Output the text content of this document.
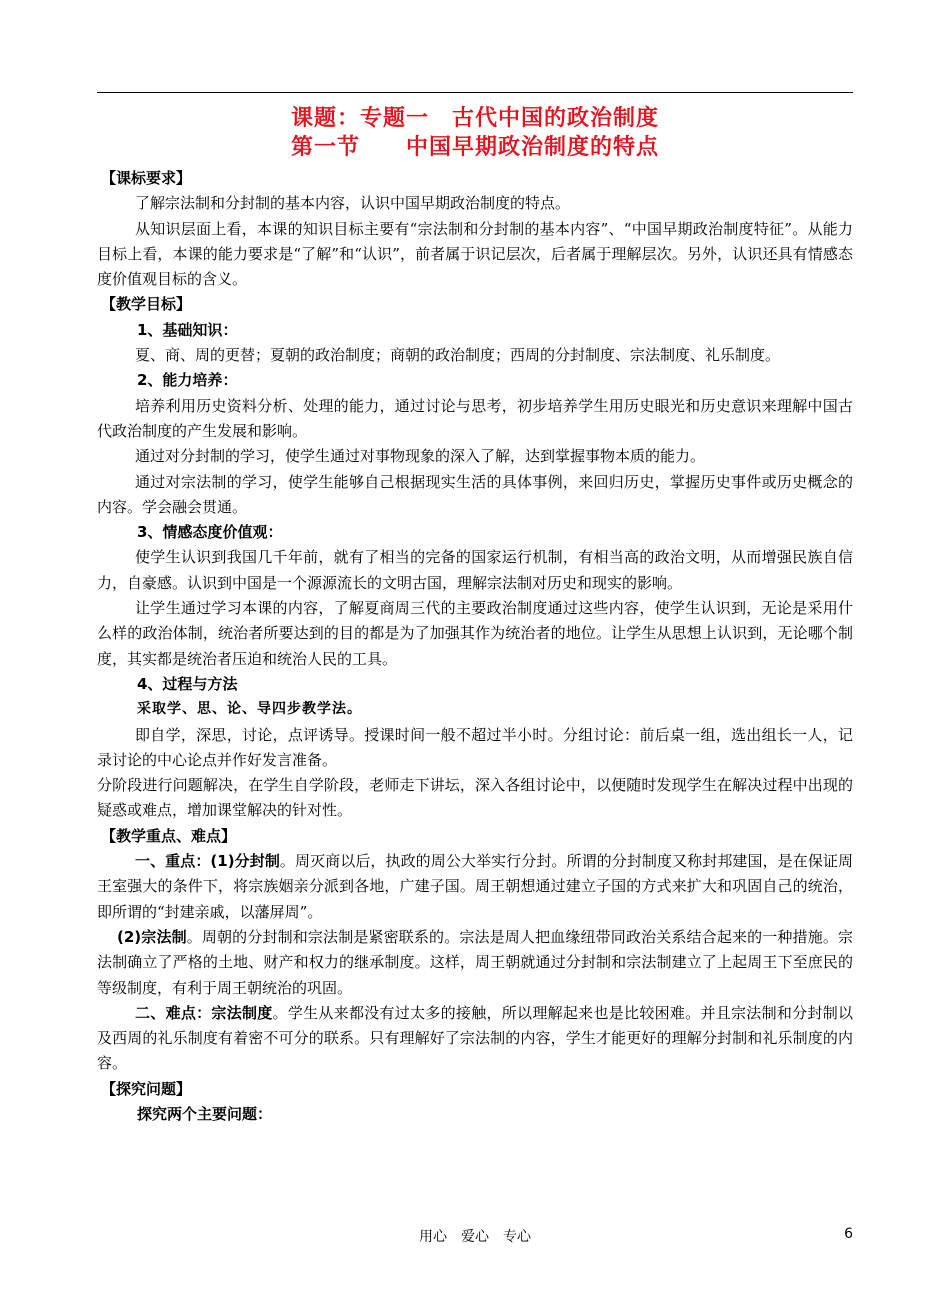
课题：专题一　古代中国的政治制度
第一节　　中国早期政治制度的特点
【课标要求】
了解宗法制和分封制的基本内容，认识中国早期政治制度的特点。
从知识层面上看，本课的知识目标主要有“宗法制和分封制的基本内容”、“中国早期政治制度特征”。从能力目标上看，本课的能力要求是“了解”和“认识”，前者属于识记层次，后者属于理解层次。另外，认识还具有情感态度价值观目标的含义。
【教学目标】
1、基础知识：
夏、商、周的更替；夏朝的政治制度；商朝的政治制度；西周的分封制度、宗法制度、礼乐制度。
2、能力培养：
培养利用历史资料分析、处理的能力，通过讨论与思考，初步培养学生用历史眼光和历史意识来理解中国古代政治制度的产生发展和影响。
通过对分封制的学习，使学生通过对事物现象的深入了解，达到掌握事物本质的能力。
通过对宗法制的学习，使学生能够自己根据现实生活的具体事例，来回归历史，掌握历史事件或历史概念的内容。学会融会贯通。
3、情感态度价值观：
使学生认识到我国几千年前，就有了相当的完备的国家运行机制，有相当高的政治文明，从而增强民族自信力，自豪感。认识到中国是一个源源流长的文明古国，理解宗法制对历史和现实的影响。
让学生通过学习本课的内容，了解夏商周三代的主要政治制度通过这些内容，使学生认识到，无论是采用什么样的政治体制，统治者所要达到的目的都是为了加强其作为统治者的地位。让学生从思想上认识到，无论哪个制度，其实都是统治者压迫和统治人民的工具。
4、过程与方法
采取学、思、论、导四步教学法。
即自学，深思，讨论，点评诱导。授课时间一般不超过半小时。分组讨论：前后桌一组，选出组长一人，记录讨论的中心论点并作好发言准备。
分阶段进行问题解决，在学生自学阶段，老师走下讲坛，深入各组讨论中，以便随时发现学生在解决过程中出现的疑惑或难点，增加课堂解决的针对性。
【教学重点、难点】
一、重点：(1)分封制。周灭商以后，执政的周公大举实行分封。所谓的分封制度又称封邦建国，是在保证周王室强大的条件下，将宗族姻亲分派到各地，广建子国。周王朝想通过建立子国的方式来扩大和巩固自己的统治，即所谓的“封建亲戚，以藩屏周”。
(2)宗法制。周朝的分封制和宗法制是紧密联系的。宗法是周人把血缘纽带同政治关系结合起来的一种措施。宗法制确立了严格的土地、财产和权力的继承制度。这样，周王朝就通过分封制和宗法制建立了上起周王下至庶民的等级制度，有利于周王朝统治的巩固。
二、难点：宗法制度。学生从来都没有过太多的接触，所以理解起来也是比较困难。并且宗法制和分封制以及西周的礼乐制度有着密不可分的联系。只有理解好了宗法制的内容，学生才能更好的理解分封制和礼乐制度的内容。
【探究问题】
探究两个主要问题：
用心　爱心　专心	6
